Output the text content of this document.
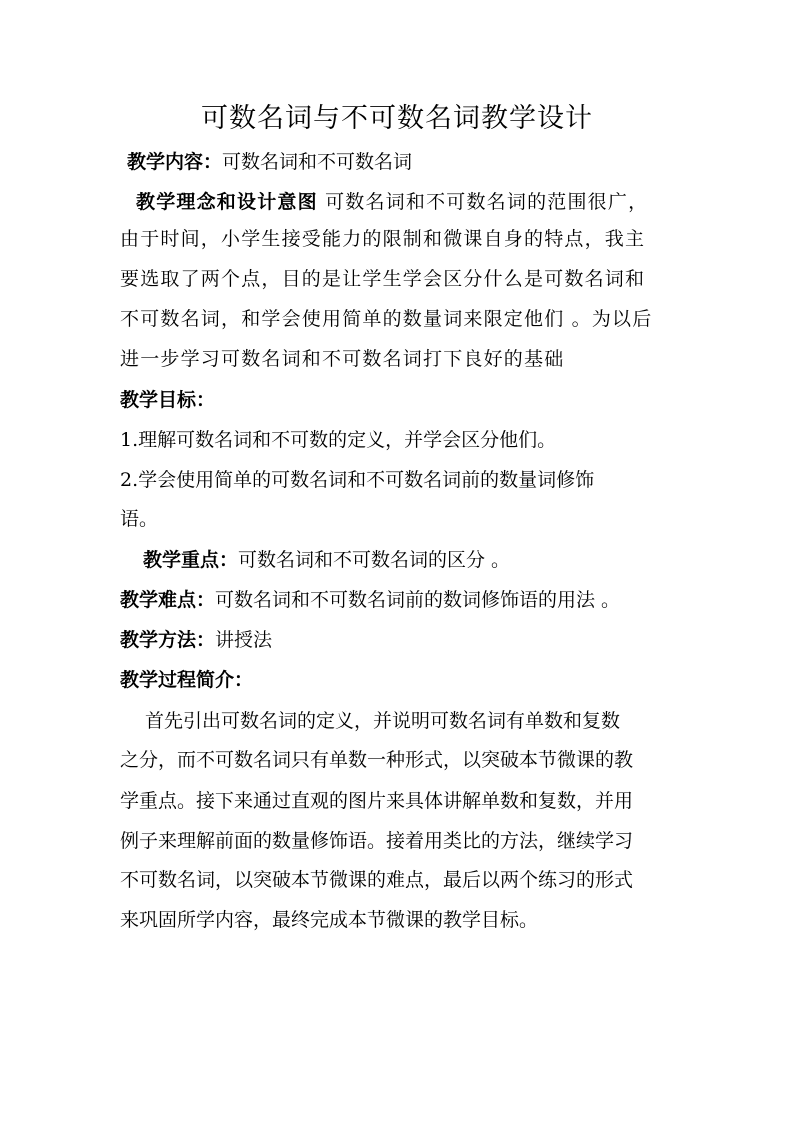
可数名词与不可数名词教学设计
教学内容：可数名词和不可数名词
教学理念和设计意图 可数名词和不可数名词的范围很广，
由于时间，小学生接受能力的限制和微课自身的特点，我主
要选取了两个点，目的是让学生学会区分什么是可数名词和
不可数名词，和学会使用简单的数量词来限定他们 。为以后
进一步学习可数名词和不可数名词打下良好的基础
教学目标：
1.理解可数名词和不可数的定义，并学会区分他们。
2.学会使用简单的可数名词和不可数名词前的数量词修饰
语。
教学重点：可数名词和不可数名词的区分 。
教学难点：可数名词和不可数名词前的数词修饰语的用法 。
教学方法：讲授法
教学过程简介：
首先引出可数名词的定义，并说明可数名词有单数和复数
之分，而不可数名词只有单数一种形式，以突破本节微课的教
学重点。接下来通过直观的图片来具体讲解单数和复数，并用
例子来理解前面的数量修饰语。接着用类比的方法，继续学习
不可数名词，以突破本节微课的难点，最后以两个练习的形式
来巩固所学内容，最终完成本节微课的教学目标。
